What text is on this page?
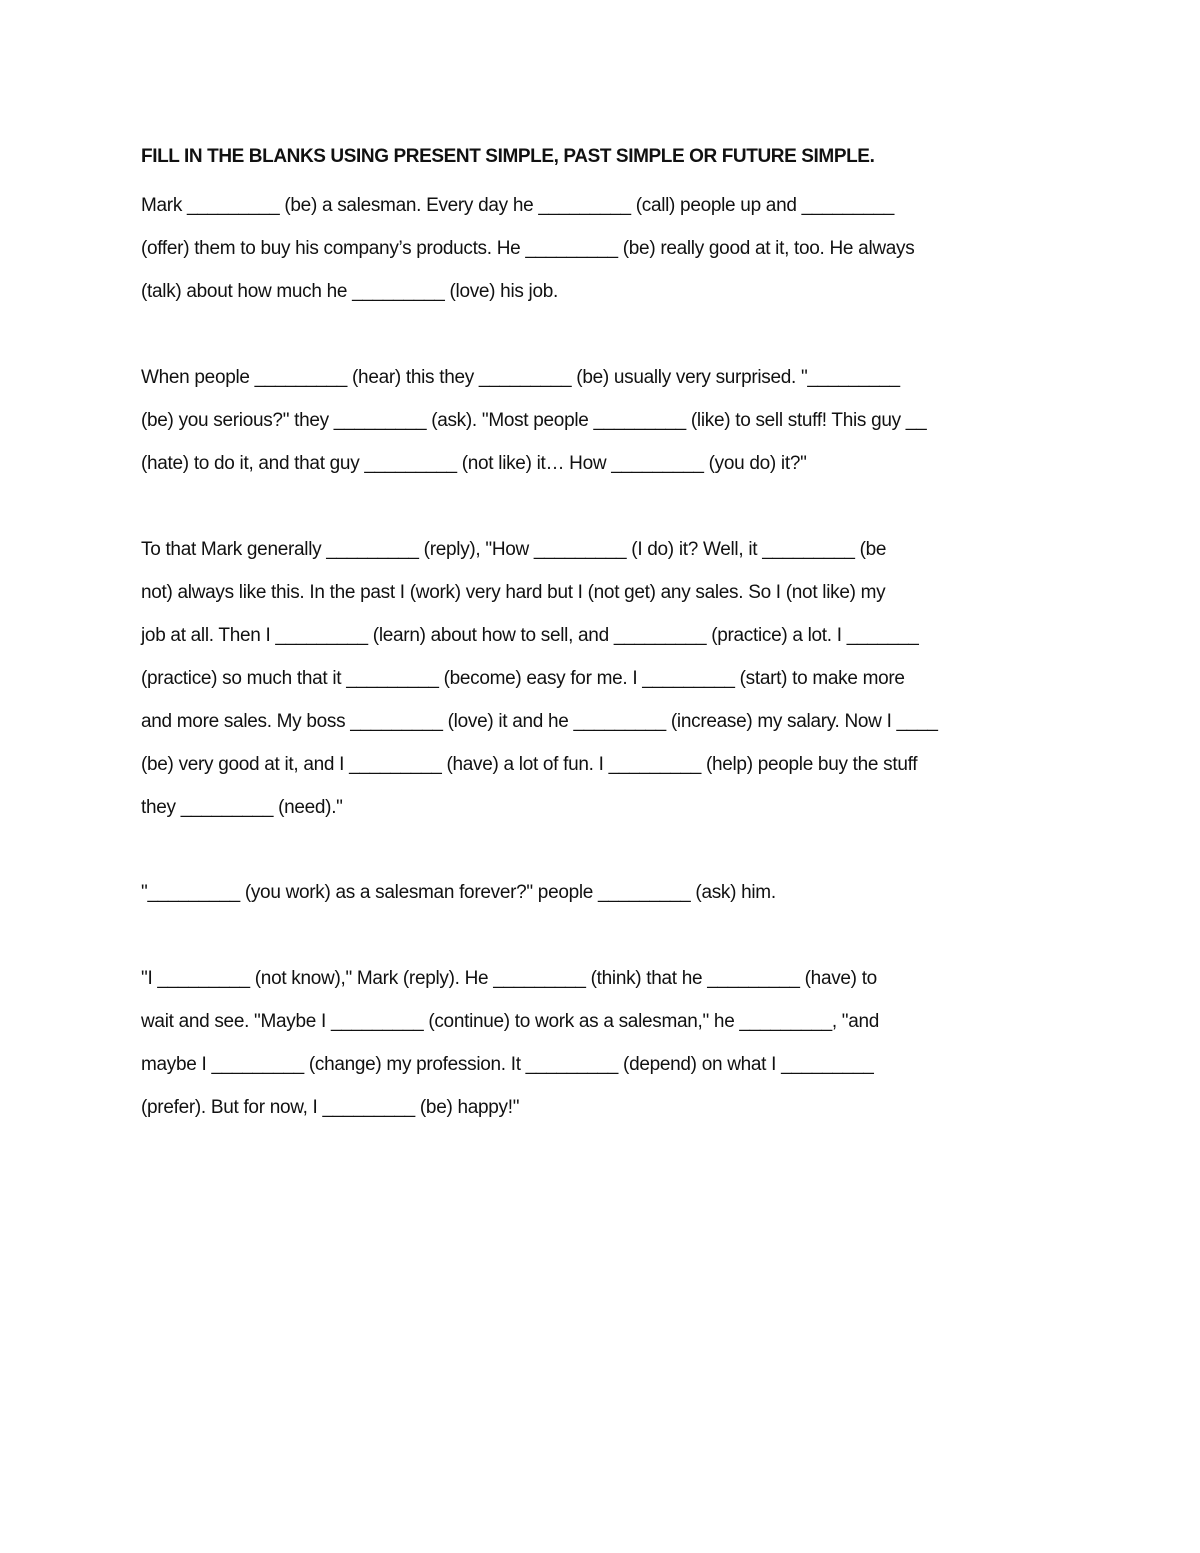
FILL IN THE BLANKS USING PRESENT SIMPLE, PAST SIMPLE OR FUTURE SIMPLE.
Mark _________ (be) a salesman. Every day he _________ (call) people up and _________
(offer) them to buy his company’s products. He _________ (be) really good at it, too. He always
(talk) about how much he _________ (love) his job.
When people _________ (hear) this they _________ (be) usually very surprised. "_________
(be) you serious?" they _________ (ask). "Most people _________ (like) to sell stuff! This guy __
(hate) to do it, and that guy _________ (not like) it… How _________ (you do) it?"
To that Mark generally _________ (reply), "How _________ (I do) it? Well, it _________ (be
not) always like this. In the past I (work) very hard but I (not get) any sales. So I (not like) my
job at all. Then I _________ (learn) about how to sell, and _________ (practice) a lot. I _______
(practice) so much that it _________ (become) easy for me. I _________ (start) to make more
and more sales. My boss _________ (love) it and he _________ (increase) my salary. Now I ____
(be) very good at it, and I _________ (have) a lot of fun. I _________ (help) people buy the stuff
they _________ (need)."
"_________ (you work) as a salesman forever?" people _________ (ask) him.
"I _________ (not know)," Mark (reply). He _________ (think) that he _________ (have) to
wait and see. "Maybe I _________ (continue) to work as a salesman," he _________, "and
maybe I _________ (change) my profession. It _________ (depend) on what I _________
(prefer). But for now, I _________ (be) happy!"
